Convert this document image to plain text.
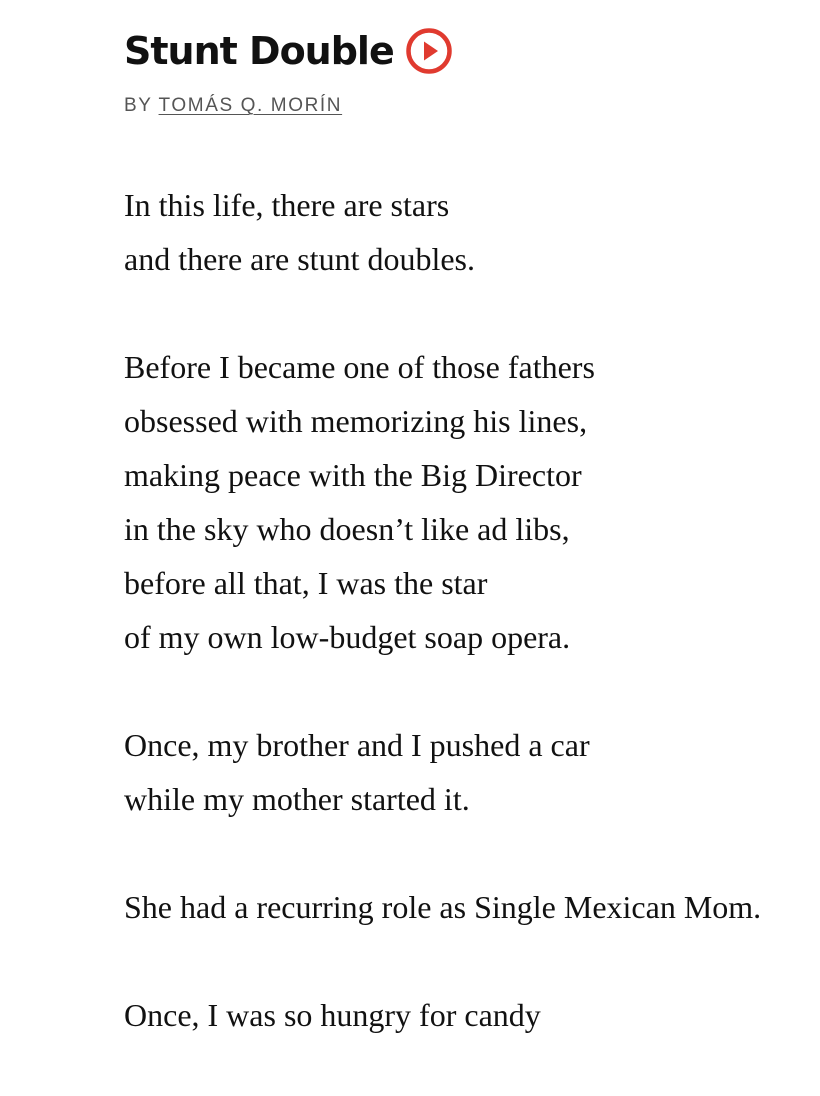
Stunt Double
BY TOMÁS Q. MORÍN
In this life, there are stars
and there are stunt doubles.
Before I became one of those fathers
obsessed with memorizing his lines,
making peace with the Big Director
in the sky who doesn’t like ad libs,
before all that, I was the star
of my own low-budget soap opera.
Once, my brother and I pushed a car
while my mother started it.
She had a recurring role as Single Mexican Mom.
Once, I was so hungry for candy
